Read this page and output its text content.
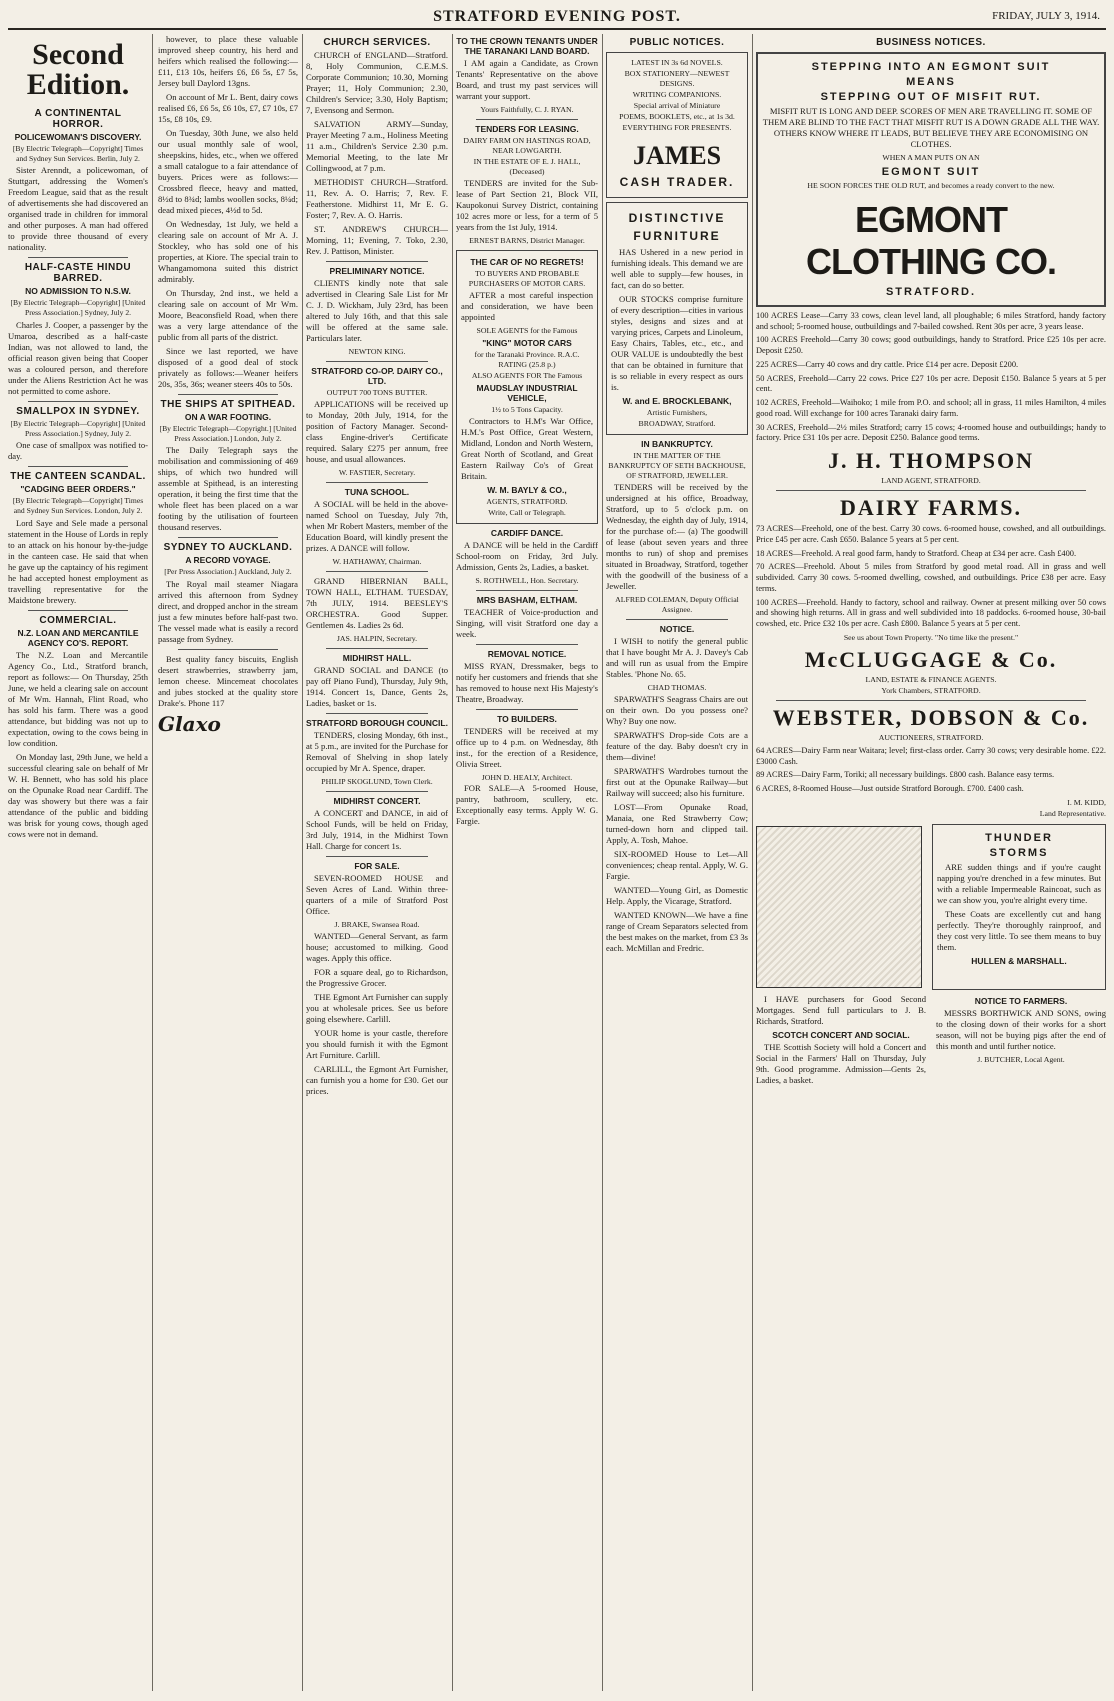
STRATFORD EVENING POST.	FRIDAY, JULY 3, 1914.
Second Edition.
A CONTINENTAL HORROR.
POLICEWOMAN'S DISCOVERY.
[By Electric Telegraph—Copyright] Times and Sydney Sun Services. Berlin, July 2.

Sister Arenndt, a policewoman, of Stuttgart, addressing the Women's Freedom League, said that as the result of advertisements she had discovered an organised trade in children for immoral and other purposes. A man had offered to provide three thousand of every nationality.

HALF-CASTE HINDU BARRED.
NO ADMISSION TO N.S.W.
[By Electric Telegraph—Copyright] [United Press Association.] Sydney, July 2.

Charles J. Cooper, a passenger by the Umaroa, described as a half-caste Indian, was not allowed to land, the official reason given being that Cooper was a coloured person, and therefore under the Aliens Restriction Act he was not permitted to come ashore.

SMALLPOX IN SYDNEY.
[By Electric Telegraph—Copyright] [United Press Association.] Sydney, July 2.

One case of smallpox was notified to-day.

THE CANTEEN SCANDAL.
"CADGING BEER ORDERS."
[By Electric Telegraph—Copyright] Times and Sydney Sun Services. London, July 2.

Lord Saye and Sele made a personal statement in the House of Lords in reply to an attack on his honour by-the-judge in the canteen case. He said that when he gave up the captaincy of his regiment he had accepted honest employment as travelling representative for the Maidstone brewery.

COMMERCIAL.
N.Z. LOAN AND MERCANTILE AGENCY CO'S. REPORT.

The N.Z. Loan and Mercantile Agency Co., Ltd., Stratford branch, report as follows:— On Thursday, 25th June, we held a clearing sale on account of Mr Wm. Hannah, Flint Road, who has sold his farm. There was a good attendance, but bidding was not up to expectation, owing to the cows being in low condition.

On Monday last, 29th June, we held a successful clearing sale on behalf of Mr W. H. Bennett, who has sold his place on the Opunake Road near Cardiff. The day was showery but there was a fair attendance of the public and bidding was brisk for young cows, though aged cows were not in demand.

however, to place these valuable improved sheep country, his herd and heifers which realised the following:—£11, £13 10s, heifers £6, £6 5s, £7 5s, Jersey bull Daylord 13gns.

On account of Mr L. Bent, dairy cows realised £6, £6 5s, £6 10s, £7, £7 10s, £7 15s, £8 10s, £9.

On Tuesday, 30th June, we also held our usual monthly sale of wool, sheepskins, hides, etc., when we offered a small catalogue to a fair attendance of buyers. Prices were as follows:—Crossbred fleece, heavy and matted, 8½d to 8¾d; lambs woollen socks, 8¼d; dead mixed pieces, 4½d to 5d.

On Wednesday, 1st July, we held a clearing sale on account of Mr A. J. Stockley, who has sold one of his properties, at Kiore. The special train to Whangamomona suited this district admirably.

On Thursday, 2nd inst., we held a clearing sale on account of Mr Wm. Moore, Beaconsfield Road, when there was a very large attendance of the public from all parts of the district.

Since we last reported, we have disposed of a good deal of stock privately as follows:—Weaner heifers 20s, 35s, 36s; weaner steers 40s to 50s.

THE SHIPS AT SPITHEAD.
ON A WAR FOOTING.
[By Electric Telegraph—Copyright.] [United Press Association.] London, July 2.

The Daily Telegraph says the mobilisation and commissioning of 469 ships, of which two hundred will assemble at Spithead, is an interesting operation, it being the first time that the whole fleet has been placed on a war footing by the utilisation of fourteen thousand reserves.

SYDNEY TO AUCKLAND.
A RECORD VOYAGE.
[Per Press Association.] Auckland, July 2.

The Royal mail steamer Niagara arrived this afternoon from Sydney direct, and dropped anchor in the stream just a few minutes before half-past two. The vessel made what is easily a record passage from Sydney.

Best quality fancy biscuits, English desert strawberries, strawberry jam, lemon cheese. Mincemeat chocolates and jubes stocked at the quality store Drake's. Phone 117

Glaxo
CHURCH SERVICES.

CHURCH of ENGLAND—Stratford. 8, Holy Communion, C.E.M.S. Corporate Communion; 10.30, Morning Prayer; 11, Holy Communion; 2.30, Children's Service; 3.30, Holy Baptism; 7, Evensong and Sermon.

SALVATION ARMY—Sunday, Prayer Meeting 7 a.m., Holiness Meeting 11 a.m., Children's Service 2.30 p.m. Memorial Meeting, to the late Mr Collingwood, at 7 p.m.

METHODIST CHURCH—Stratford. 11, Rev. A. O. Harris; 7, Rev. F. Featherstone. Midhirst 11, Mr E. G. Foster; 7, Rev. A. O. Harris.

ST. ANDREW'S CHURCH—Morning, 11; Evening, 7. Toko, 2.30, Rev. J. Pattison, Minister.

PRELIMINARY NOTICE.

CLIENTS kindly note that sale advertised in Clearing Sale List for Mr C. J. D. Wickham, July 23rd, has been altered to July 16th, and that this sale will be offered at the same sale. Particulars later.

NEWTON KING.
STRATFORD CO-OP. DAIRY CO., LTD.
OUTPUT 700 TONS BUTTER.

APPLICATIONS will be received up to Monday, 20th July, 1914, for the position of Factory Manager. Second-class Engine-driver's Certificate required. Salary £275 per annum, free house, and usual allowances.

W. FASTIER, Secretary.
TUNA SCHOOL.

A SOCIAL will be held in the above-named School on Tuesday, July 7th, when Mr Robert Masters, member of the Education Board, will kindly present the prizes. A DANCE will follow.

W. HATHAWAY, Chairman.

GRAND HIBERNIAN BALL, TOWN HALL, ELTHAM. TUESDAY, 7th JULY, 1914. BEESLEY'S ORCHESTRA. Good Supper. Gentlemen 4s. Ladies 2s 6d.

JAS. HALPIN, Secretary.
MIDHIRST HALL.

GRAND SOCIAL and DANCE (to pay off Piano Fund), Thursday, July 9th, 1914. Concert 1s, Dance, Gents 2s, Ladies, basket or 1s.

STRATFORD BOROUGH COUNCIL.

TENDERS, closing Monday, 6th inst., at 5 p.m., are invited for the Purchase for Removal of Shelving in shop lately occupied by Mr A. Spence, draper.

PHILIP SKOGLUND, Town Clerk.
MIDHIRST CONCERT.

A CONCERT and DANCE, in aid of School Funds, will be held on Friday, 3rd July, 1914, in the Midhirst Town Hall. Charge for concert 1s.

FOR SALE.

SEVEN-ROOMED HOUSE and Seven Acres of Land. Within three-quarters of a mile of Stratford Post Office.

J. BRAKE, Swansea Road.

WANTED—General Servant, as farm house; accustomed to milking. Good wages. Apply this office.

FOR a square deal, go to Richardson, the Progressive Grocer.

THE Egmont Art Furnisher can supply you at wholesale prices. See us before going elsewhere. Carlill.

YOUR home is your castle, therefore you should furnish it with the Egmont Art Furniture. Carlill.

CARLILL, the Egmont Art Furnisher, can furnish you a home for £30. Get our prices.

TO THE CROWN TENANTS UNDER THE TARANAKI LAND BOARD.

I AM again a Candidate, as Crown Tenants' Representative on the above Board, and trust my past services will warrant your support.

Yours Faithfully, C. J. RYAN.
TENDERS FOR LEASING.
DAIRY FARM ON HASTINGS ROAD, NEAR LOWGARTH.
IN THE ESTATE OF E. J. HALL, (Deceased)

TENDERS are invited for the Sub-lease of Part Section 21, Block VII, Kaupokonui Survey District, containing 102 acres more or less, for a term of 5 years from the 1st July, 1914.

ERNEST BARNS, District Manager.
THE CAR OF NO REGRETS!
TO BUYERS AND PROBABLE PURCHASERS OF MOTOR CARS.

AFTER a most careful inspection and consideration, we have been appointed

SOLE AGENTS for the Famous
"KING" MOTOR CARS
for the Taranaki Province. R.A.C. RATING (25.8 p.)
ALSO AGENTS FOR The Famous
MAUDSLAY INDUSTRIAL VEHICLE,
1½ to 5 Tons Capacity.

Contractors to H.M's War Office, H.M.'s Post Office, Great Western, Midland, London and North Western, Great North of Scotland, and Great Eastern Railway Co's of Great Britain.

W. M. BAYLY & CO.,
AGENTS, STRATFORD.
Write, Call or Telegraph.
CARDIFF DANCE.

A DANCE will be held in the Cardiff School-room on Friday, 3rd July. Admission, Gents 2s, Ladies, a basket.

S. ROTHWELL, Hon. Secretary.
MRS BASHAM, ELTHAM.

TEACHER of Voice-production and Singing, will visit Stratford one day a week.

REMOVAL NOTICE.

MISS RYAN, Dressmaker, begs to notify her customers and friends that she has removed to house next His Majesty's Theatre, Broadway.

TO BUILDERS.

TENDERS will be received at my office up to 4 p.m. on Wednesday, 8th inst., for the erection of a Residence, Olivia Street.

JOHN D. HEALY, Architect.

FOR SALE—A 5-roomed House, pantry, bathroom, scullery, etc. Exceptionally easy terms. Apply W. G. Fargie.

PUBLIC NOTICES.
LATEST IN 3s 6d NOVELS.
BOX STATIONERY—NEWEST DESIGNS.
WRITING COMPANIONS.
Special arrival of Miniature
POEMS, BOOKLETS, etc., at 1s 3d.
EVERYTHING FOR PRESENTS.
JAMES
CASH TRADER.
DISTINCTIVE
FURNITURE

HAS Ushered in a new period in furnishing ideals. This demand we are well able to supply—few houses, in fact, can do so better.

OUR STOCKS comprise furniture of every description—cities in various styles, designs and sizes and at varying prices, Carpets and Linoleum, Easy Chairs, Tables, etc., etc., and OUR VALUE is undoubtedly the best that can be obtained in furniture that is so reliable in every respect as ours is.

W. and E. BROCKLEBANK,
Artistic Furnishers,
BROADWAY, Stratford.
IN BANKRUPTCY.
IN THE MATTER OF THE BANKRUPTCY OF SETH BACKHOUSE, OF STRATFORD, JEWELLER.

TENDERS will be received by the undersigned at his office, Broadway, Stratford, up to 5 o'clock p.m. on Wednesday, the eighth day of July, 1914, for the purchase of:— (a) The goodwill of lease (about seven years and three months to run) of shop and premises situated in Broadway, Stratford, together with the goodwill of the business of a Jeweller.

ALFRED COLEMAN, Deputy Official Assignee.
NOTICE.

I WISH to notify the general public that I have bought Mr A. J. Davey's Cab and will run as usual from the Empire Stables. 'Phone No. 65.

CHAD THOMAS.

SPARWATH'S Seagrass Chairs are out on their own. Do you possess one? Why? Buy one now.

SPARWATH'S Drop-side Cots are a feature of the day. Baby doesn't cry in them—divine!

SPARWATH'S Wardrobes turnout the first out at the Opunake Railway—but Railway will succeed; also his furniture.

LOST—From Opunake Road, Manaia, one Red Strawberry Cow; turned-down horn and clipped tail. Apply, A. Tosh, Mahoe.

SIX-ROOMED House to Let—All conveniences; cheap rental. Apply, W. G. Fargie.

WANTED—Young Girl, as Domestic Help. Apply, the Vicarage, Stratford.

WANTED KNOWN—We have a fine range of Cream Separators selected from the best makes on the market, from £3 3s each. McMillan and Fredric.

BUSINESS NOTICES.
STEPPING INTO AN EGMONT SUIT
MEANS
STEPPING OUT OF MISFIT RUT.

MISFIT RUT IS LONG AND DEEP. SCORES OF MEN ARE TRAVELLING IT. SOME OF THEM ARE BLIND TO THE FACT THAT MISFIT RUT IS A DOWN GRADE ALL THE WAY. OTHERS KNOW WHERE IT LEADS, BUT BELIEVE THEY ARE ECONOMISING ON CLOTHES.

WHEN A MAN PUTS ON AN
EGMONT SUIT
HE SOON FORCES THE OLD RUT, and becomes a ready convert to the new.
EGMONT CLOTHING CO.
STRATFORD.
100 ACRES Lease—Carry 33 cows, clean level land, all ploughable; 6 miles Stratford, handy factory and school; 5-roomed house, outbuildings and 7-bailed cowshed. Rent 30s per acre, 3 years lease.
100 ACRES Freehold—Carry 30 cows; good outbuildings, handy to Stratford. Price £25 10s per acre. Deposit £250.
225 ACRES—Carry 40 cows and dry cattle. Price £14 per acre. Deposit £200.
50 ACRES, Freehold—Carry 22 cows. Price £27 10s per acre. Deposit £150. Balance 5 years at 5 per cent.
102 ACRES, Freehold—Waihoko; 1 mile from P.O. and school; all in grass, 11 miles Hamilton, 4 miles good road. Will exchange for 100 acres Taranaki dairy farm.
30 ACRES, Freehold—2½ miles Stratford; carry 15 cows; 4-roomed house and outbuildings; handy to factory. Price £31 10s per acre. Deposit £250. Balance good terms.
J. H. THOMPSON
LAND AGENT, STRATFORD.
DAIRY FARMS.
73 ACRES—Freehold, one of the best. Carry 30 cows. 6-roomed house, cowshed, and all outbuildings. Price £45 per acre. Cash £650. Balance 5 years at 5 per cent.
18 ACRES—Freehold. A real good farm, handy to Stratford. Cheap at £34 per acre. Cash £400.
70 ACRES—Freehold. About 5 miles from Stratford by good metal road. All in grass and well subdivided. Carry 30 cows. 5-roomed dwelling, cowshed, and outbuildings. Price £38 per acre. Easy terms.
100 ACRES—Freehold. Handy to factory, school and railway. Owner at present milking over 50 cows and showing high returns. All in grass and well subdivided into 18 paddocks. 6-roomed house, 30-bail cowshed, etc. Price £32 10s per acre. Cash £800. Balance 5 years at 5 per cent.
See us about Town Property. "No time like the present."
McCLUGGAGE & Co.
LAND, ESTATE & FINANCE AGENTS.
York Chambers, STRATFORD.
WEBSTER, DOBSON & Co.
AUCTIONEERS, STRATFORD.
64 ACRES—Dairy Farm near Waitara; level; first-class order. Carry 30 cows; very desirable home. £22. £3000 Cash.
89 ACRES—Dairy Farm, Toriki; all necessary buildings. £800 cash. Balance easy terms.
6 ACRES, 8-Roomed House—Just outside Stratford Borough. £700. £400 cash.
I. M. KIDD,
Land Representative.
THUNDER
STORMS

ARE sudden things and if you're caught napping you're drenched in a few minutes. But with a reliable Impermeable Raincoat, such as we can show you, you're alright every time.

These Coats are excellently cut and hang perfectly. They're thoroughly rainproof, and they cost very little. To see them means to buy them.

HULLEN & MARSHALL.

I HAVE purchasers for Good Second Mortgages. Send full particulars to J. B. Richards, Stratford.

SCOTCH CONCERT AND SOCIAL.

THE Scottish Society will hold a Concert and Social in the Farmers' Hall on Thursday, July 9th. Good programme. Admission—Gents 2s, Ladies, a basket.

NOTICE TO FARMERS.

MESSRS BORTHWICK AND SONS, owing to the closing down of their works for a short season, will not be buying pigs after the end of this month and until further notice.

J. BUTCHER, Local Agent.
